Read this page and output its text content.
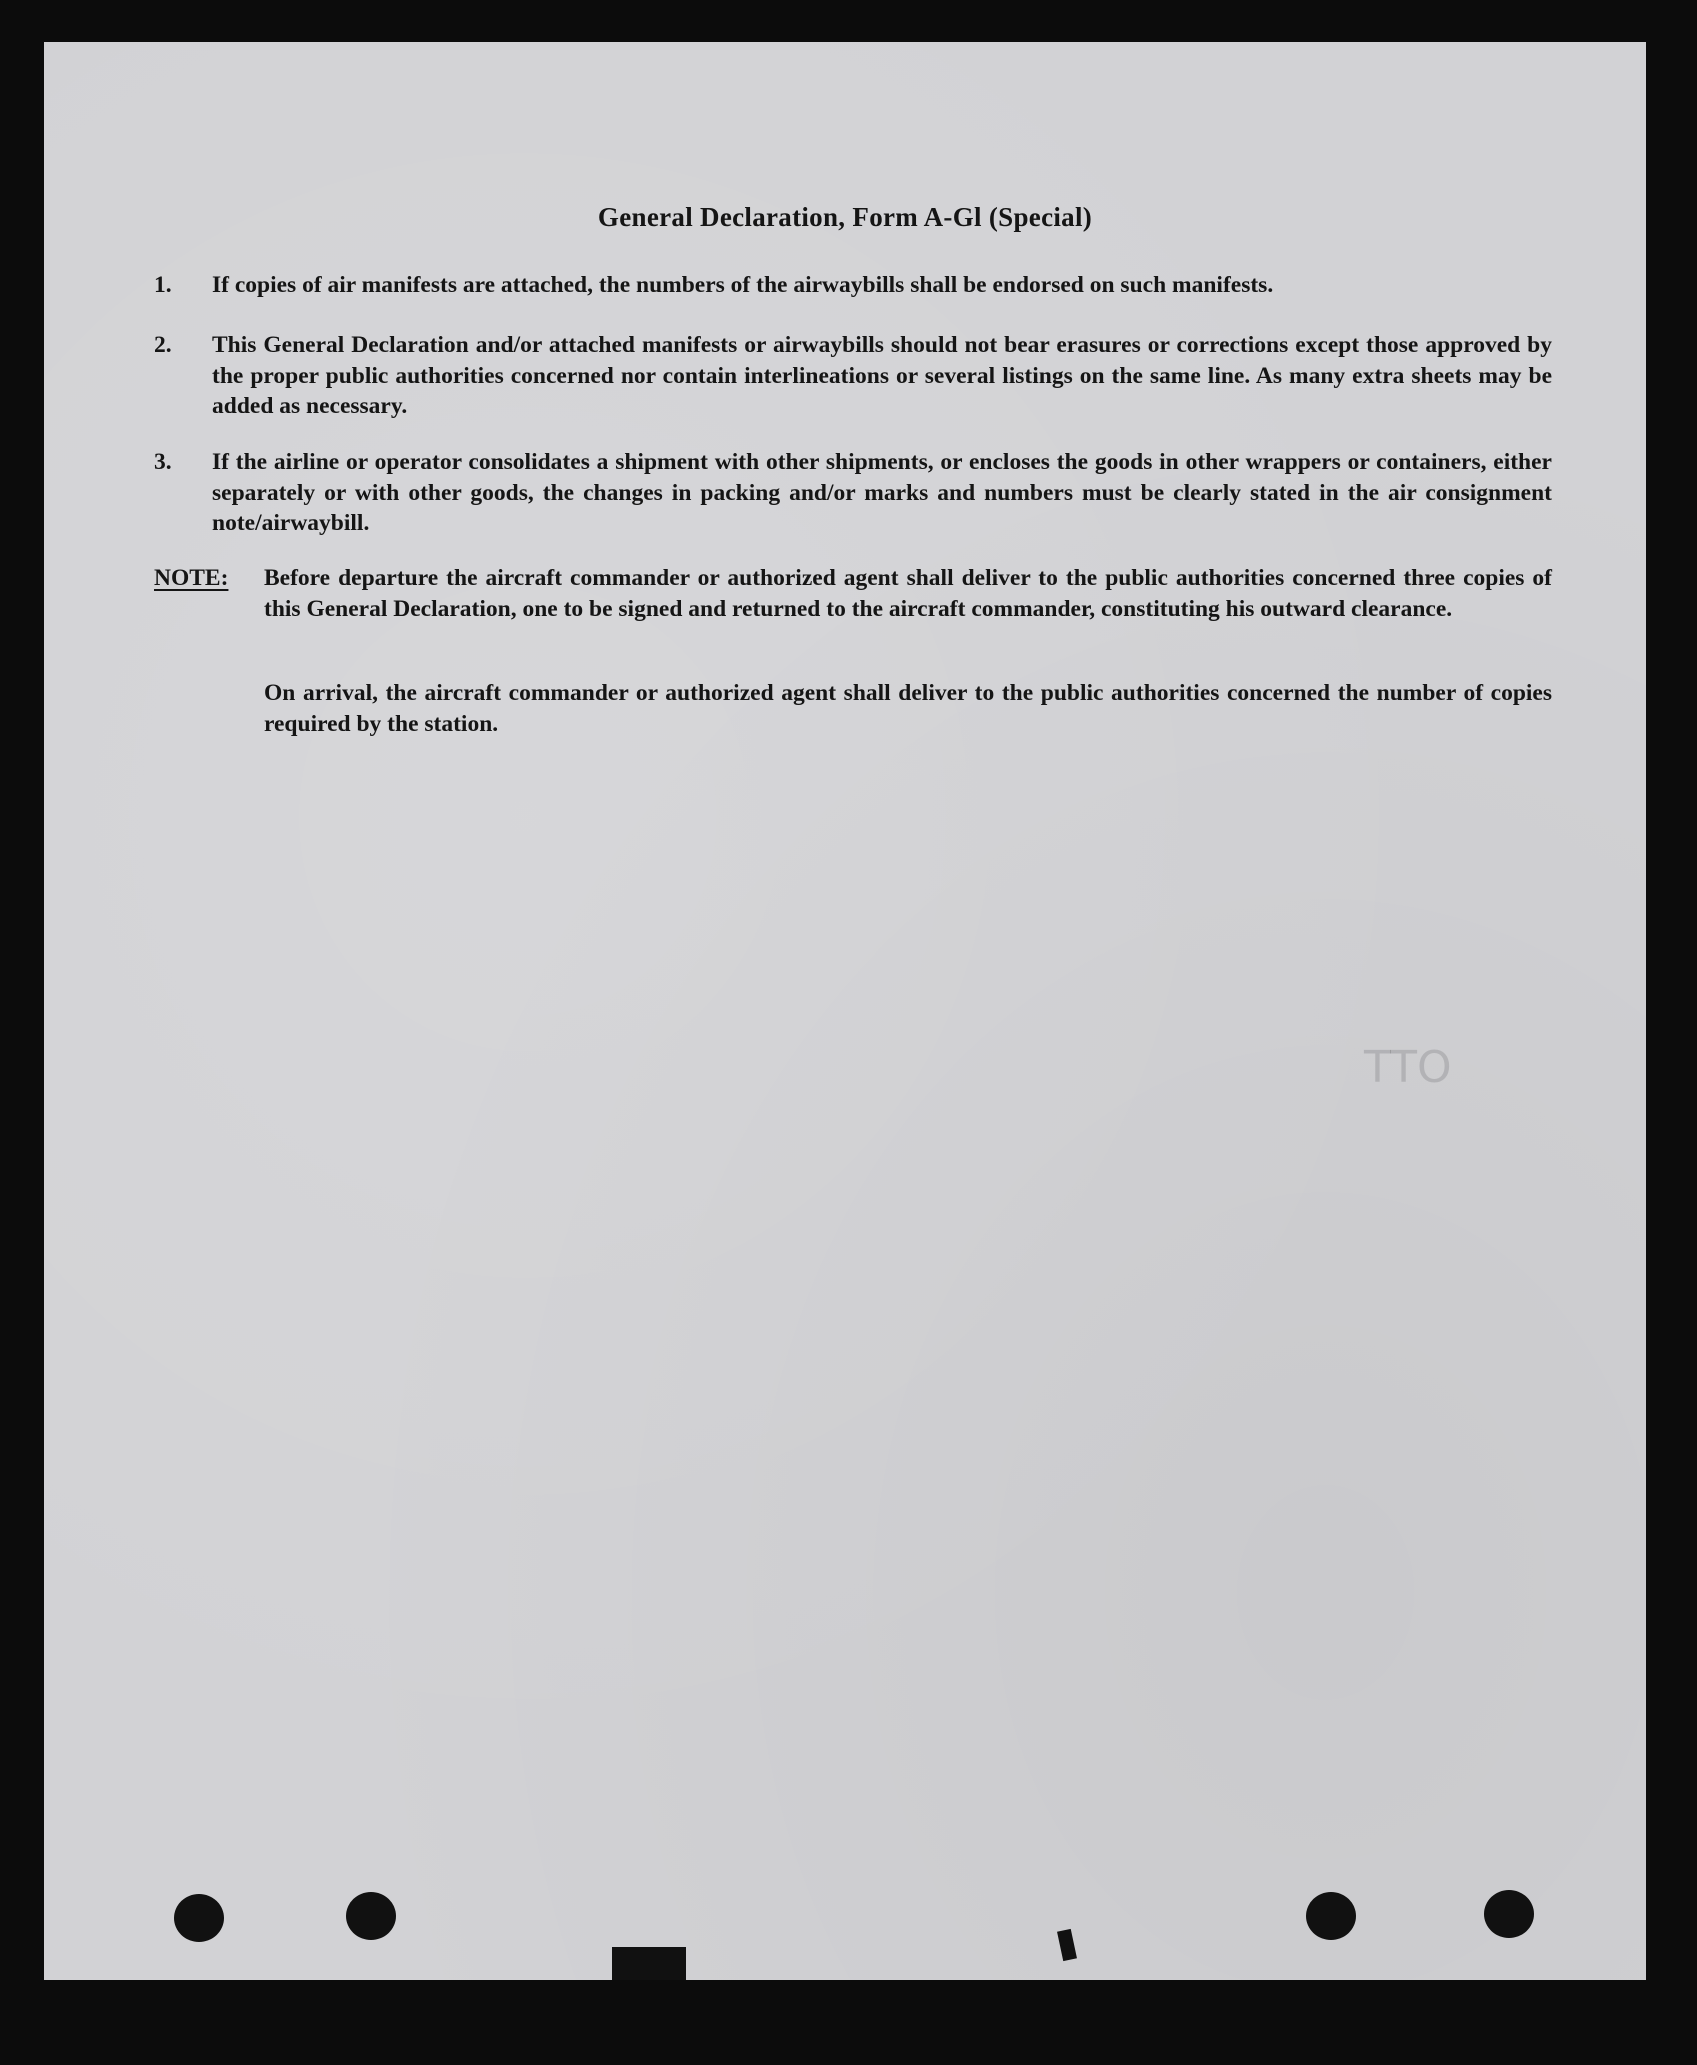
General Declaration, Form A-Gl (Special)
1.	If copies of air manifests are attached, the numbers of the airwaybills shall be endorsed on such manifests.
2.	This General Declaration and/or attached manifests or airwaybills should not bear erasures or corrections except those approved by the proper public authorities concerned nor contain interlineations or several listings on the same line. As many extra sheets may be added as necessary.
3.	If the airline or operator consolidates a shipment with other shipments, or encloses the goods in other wrappers or containers, either separately or with other goods, the changes in packing and/or marks and numbers must be clearly stated in the air consignment note/airwaybill.
NOTE: Before departure the aircraft commander or authorized agent shall deliver to the public authorities concerned three copies of this General Declaration, one to be signed and returned to the aircraft commander, constituting his outward clearance.
On arrival, the aircraft commander or authorized agent shall deliver to the public authorities concerned the number of copies required by the station.
OTT
